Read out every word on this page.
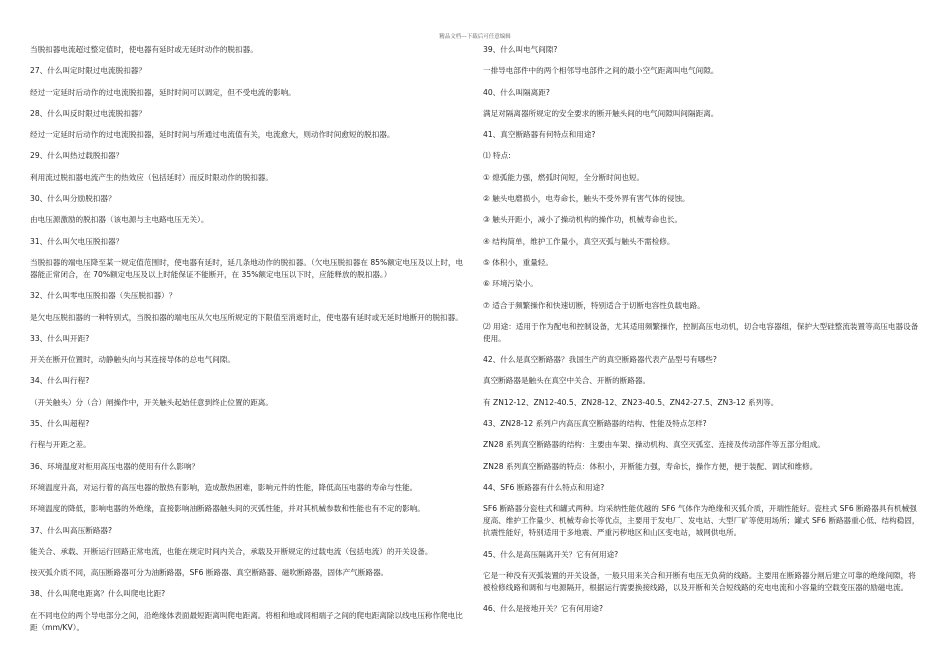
精品文档---下载后可任意编辑

当脱扣器电流超过整定值时，使电器有延时或无延时动作的脱扣器。

27、什么叫定时限过电流脱扣器？

经过一定延时后动作的过电流脱扣器，延时时间可以调定，但不受电流的影响。

28、什么叫反时限过电流脱扣器？

经过一定延时后动作的过电流脱扣器，延时时间与所通过电流值有关，电流愈大，则动作时间愈短的脱扣器。

29、什么叫热过载脱扣器？

利用流过脱扣器电流产生的热效应（包括延时）而反时限动作的脱扣器。

30、什么叫分励脱扣器？

由电压源激励的脱扣器（该电源与主电路电压无关）。

31、什么叫欠电压脱扣器？

当脱扣器的端电压降至某一规定值范围时，使电器有延时，延几条地动作的脱扣器。（欠电压脱扣器在 85%额定电压及以上时，电器能正常闭合，在 70%额定电压及以上时能保证不能断开，在 35%额定电压以下时，应能释放的脱扣器。）

32、什么叫零电压脱扣器（失压脱扣器）？

是欠电压脱扣器的一种特别式，当脱扣器的端电压从欠电压所规定的下限值至消逝时止，使电器有延时或无延时地断开的脱扣器。

33、什么叫开距?

开关在断开位置时，动静触头向与其连接导体的总电气间隙。

34、什么叫行程?

（开关触头）分（合）闸操作中，开关触头起始任意到终止位置的距离。

35、什么叫超程?

行程与开距之差。

36、环境温度对柜用高压电器的使用有什么影响？

环境温度升高，对运行着的高压电器的散热有影响，造成散热困难，影响元件的性能，降低高压电器的寿命与性能。

环境温度的降低，影响电器的外绝缘，直接影响油断路器触头间的灭弧性能，并对其机械参数和性能也有不定的影响。

37、什么叫高压断路器?

能关合、承载、开断运行回路正常电流，也能在规定时间内关合，承载及开断规定的过载电流（包括电流）的开关设备。

按灭弧介质不同，高压断路器可分为油断路器，SF6 断路器、真空断路器、磁吹断路器，固体产气断路器。

38、什么叫爬电距离？什么叫爬电比距?

在不同电位的两个导电部分之间，沿绝缘体表面最短距离叫爬电距离。将相和地或同相端子之间的爬电距离除以线电压称作爬电比距（mm/KV）。

39、什么叫电气间隙?

一排导电部件中的两个相邻导电部件之间的最小空气距离叫电气间隙。

40、什么叫隔离距?

满足对隔离器所规定的安全要求的断开触头间的电气间隙叫间隔距离。

41、真空断路器有何特点和用途?

⑴ 特点:

① 熄弧能力强，燃弧时间短，全分断时间也短。

② 触头电磨损小，电寿命长，触头不受外界有害气体的侵蚀。

③ 触头开距小，减小了操动机构的操作功，机械寿命也长。

④ 结构简单，维护工作量小，真空灭弧与触头不需检修。

⑤ 体积小，重量轻。

⑥ 环境污染小。

⑦ 适合于频繁操作和快速切断，特别适合于切断电容性负载电路。

⑵ 用途：适用于作为配电和控制设备，尤其适用频繁操作，控制高压电动机，切合电容器组，保护大型硅整流装置等高压电器设备使用。

42、什么是真空断路器？我国生产的真空断路器代表产品型号有哪些?

真空断路器是触头在真空中关合、开断的断路器。

有 ZN12-12、ZN12-40.5、ZN28-12、ZN23-40.5、ZN42-27.5、ZN3-12 系列等。

43、ZN28-12 系列户内高压真空断路器的结构、性能及特点怎样?

ZN28 系列真空断路器的结构：主要由车架、操动机构、真空灭弧室、连接及传动部件等五部分组成。

ZN28 系列真空断路器的特点：体积小，开断能力强，寿命长，操作方便，便于装配、调试和维修。

44、SF6 断路器有什么特点和用途?

SF6 断路器分瓷柱式和罐式两种。均采纳性能优越的 SF6 气体作为绝缘和灭弧介质，开端性能好。瓷柱式 SF6 断路器具有机械强度高、维护工作量少、机械寿命长等优点，主要用于发电厂、发电站、大型厂矿等使用场所；罐式 SF6 断路器重心低、结构稳固，抗震性能好，特别适用于多地震、严重污秽地区和山区变电站，城网供电所。

45、什么是高压隔离开关？它有何用途?

它是一种没有灭弧装置的开关设备，一般只用来关合和开断有电压无负荷的线路。主要用在断路器分闸后建立可靠的绝缘间隙，将被检修线路和调和与电源隔开，根据运行需要换接线路，以及开断和关合短线路的充电电流和小容量的空载变压器的励磁电流。

46、什么是接地开关？它有何用途?
